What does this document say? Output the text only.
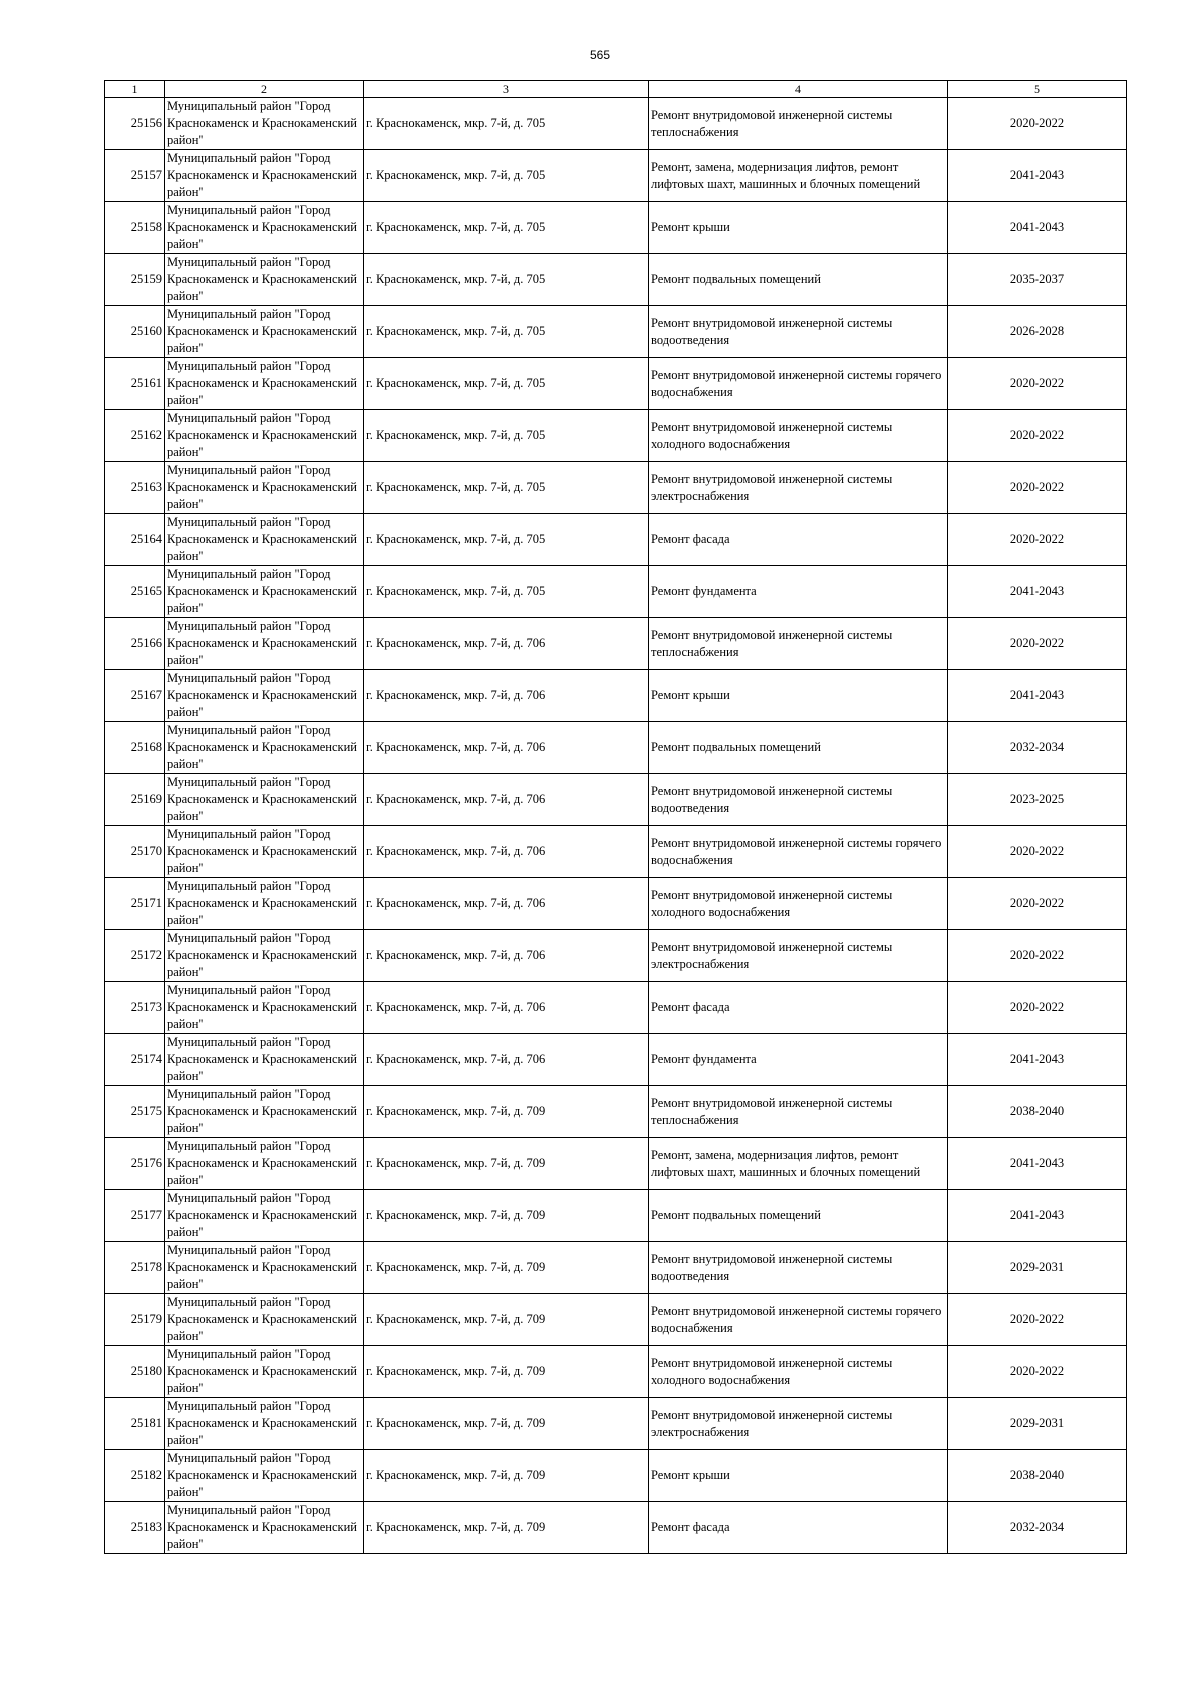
565
1	2	3	4	5
25156	Муниципальный район "Город Краснокаменск и Краснокаменский район"	г. Краснокаменск, мкр. 7-й, д. 705	Ремонт внутридомовой инженерной системы теплоснабжения	2020-2022
25157	Муниципальный район "Город Краснокаменск и Краснокаменский район"	г. Краснокаменск, мкр. 7-й, д. 705	Ремонт, замена, модернизация лифтов, ремонт лифтовых шахт, машинных и блочных помещений	2041-2043
25158	Муниципальный район "Город Краснокаменск и Краснокаменский район"	г. Краснокаменск, мкр. 7-й, д. 705	Ремонт крыши	2041-2043
25159	Муниципальный район "Город Краснокаменск и Краснокаменский район"	г. Краснокаменск, мкр. 7-й, д. 705	Ремонт подвальных помещений	2035-2037
25160	Муниципальный район "Город Краснокаменск и Краснокаменский район"	г. Краснокаменск, мкр. 7-й, д. 705	Ремонт внутридомовой инженерной системы водоотведения	2026-2028
25161	Муниципальный район "Город Краснокаменск и Краснокаменский район"	г. Краснокаменск, мкр. 7-й, д. 705	Ремонт внутридомовой инженерной системы горячего водоснабжения	2020-2022
25162	Муниципальный район "Город Краснокаменск и Краснокаменский район"	г. Краснокаменск, мкр. 7-й, д. 705	Ремонт внутридомовой инженерной системы холодного водоснабжения	2020-2022
25163	Муниципальный район "Город Краснокаменск и Краснокаменский район"	г. Краснокаменск, мкр. 7-й, д. 705	Ремонт внутридомовой инженерной системы электроснабжения	2020-2022
25164	Муниципальный район "Город Краснокаменск и Краснокаменский район"	г. Краснокаменск, мкр. 7-й, д. 705	Ремонт фасада	2020-2022
25165	Муниципальный район "Город Краснокаменск и Краснокаменский район"	г. Краснокаменск, мкр. 7-й, д. 705	Ремонт фундамента	2041-2043
25166	Муниципальный район "Город Краснокаменск и Краснокаменский район"	г. Краснокаменск, мкр. 7-й, д. 706	Ремонт внутридомовой инженерной системы теплоснабжения	2020-2022
25167	Муниципальный район "Город Краснокаменск и Краснокаменский район"	г. Краснокаменск, мкр. 7-й, д. 706	Ремонт крыши	2041-2043
25168	Муниципальный район "Город Краснокаменск и Краснокаменский район"	г. Краснокаменск, мкр. 7-й, д. 706	Ремонт подвальных помещений	2032-2034
25169	Муниципальный район "Город Краснокаменск и Краснокаменский район"	г. Краснокаменск, мкр. 7-й, д. 706	Ремонт внутридомовой инженерной системы водоотведения	2023-2025
25170	Муниципальный район "Город Краснокаменск и Краснокаменский район"	г. Краснокаменск, мкр. 7-й, д. 706	Ремонт внутридомовой инженерной системы горячего водоснабжения	2020-2022
25171	Муниципальный район "Город Краснокаменск и Краснокаменский район"	г. Краснокаменск, мкр. 7-й, д. 706	Ремонт внутридомовой инженерной системы холодного водоснабжения	2020-2022
25172	Муниципальный район "Город Краснокаменск и Краснокаменский район"	г. Краснокаменск, мкр. 7-й, д. 706	Ремонт внутридомовой инженерной системы электроснабжения	2020-2022
25173	Муниципальный район "Город Краснокаменск и Краснокаменский район"	г. Краснокаменск, мкр. 7-й, д. 706	Ремонт фасада	2020-2022
25174	Муниципальный район "Город Краснокаменск и Краснокаменский район"	г. Краснокаменск, мкр. 7-й, д. 706	Ремонт фундамента	2041-2043
25175	Муниципальный район "Город Краснокаменск и Краснокаменский район"	г. Краснокаменск, мкр. 7-й, д. 709	Ремонт внутридомовой инженерной системы теплоснабжения	2038-2040
25176	Муниципальный район "Город Краснокаменск и Краснокаменский район"	г. Краснокаменск, мкр. 7-й, д. 709	Ремонт, замена, модернизация лифтов, ремонт лифтовых шахт, машинных и блочных помещений	2041-2043
25177	Муниципальный район "Город Краснокаменск и Краснокаменский район"	г. Краснокаменск, мкр. 7-й, д. 709	Ремонт подвальных помещений	2041-2043
25178	Муниципальный район "Город Краснокаменск и Краснокаменский район"	г. Краснокаменск, мкр. 7-й, д. 709	Ремонт внутридомовой инженерной системы водоотведения	2029-2031
25179	Муниципальный район "Город Краснокаменск и Краснокаменский район"	г. Краснокаменск, мкр. 7-й, д. 709	Ремонт внутридомовой инженерной системы горячего водоснабжения	2020-2022
25180	Муниципальный район "Город Краснокаменск и Краснокаменский район"	г. Краснокаменск, мкр. 7-й, д. 709	Ремонт внутридомовой инженерной системы холодного водоснабжения	2020-2022
25181	Муниципальный район "Город Краснокаменск и Краснокаменский район"	г. Краснокаменск, мкр. 7-й, д. 709	Ремонт внутридомовой инженерной системы электроснабжения	2029-2031
25182	Муниципальный район "Город Краснокаменск и Краснокаменский район"	г. Краснокаменск, мкр. 7-й, д. 709	Ремонт крыши	2038-2040
25183	Муниципальный район "Город Краснокаменск и Краснокаменский район"	г. Краснокаменск, мкр. 7-й, д. 709	Ремонт фасада	2032-2034
